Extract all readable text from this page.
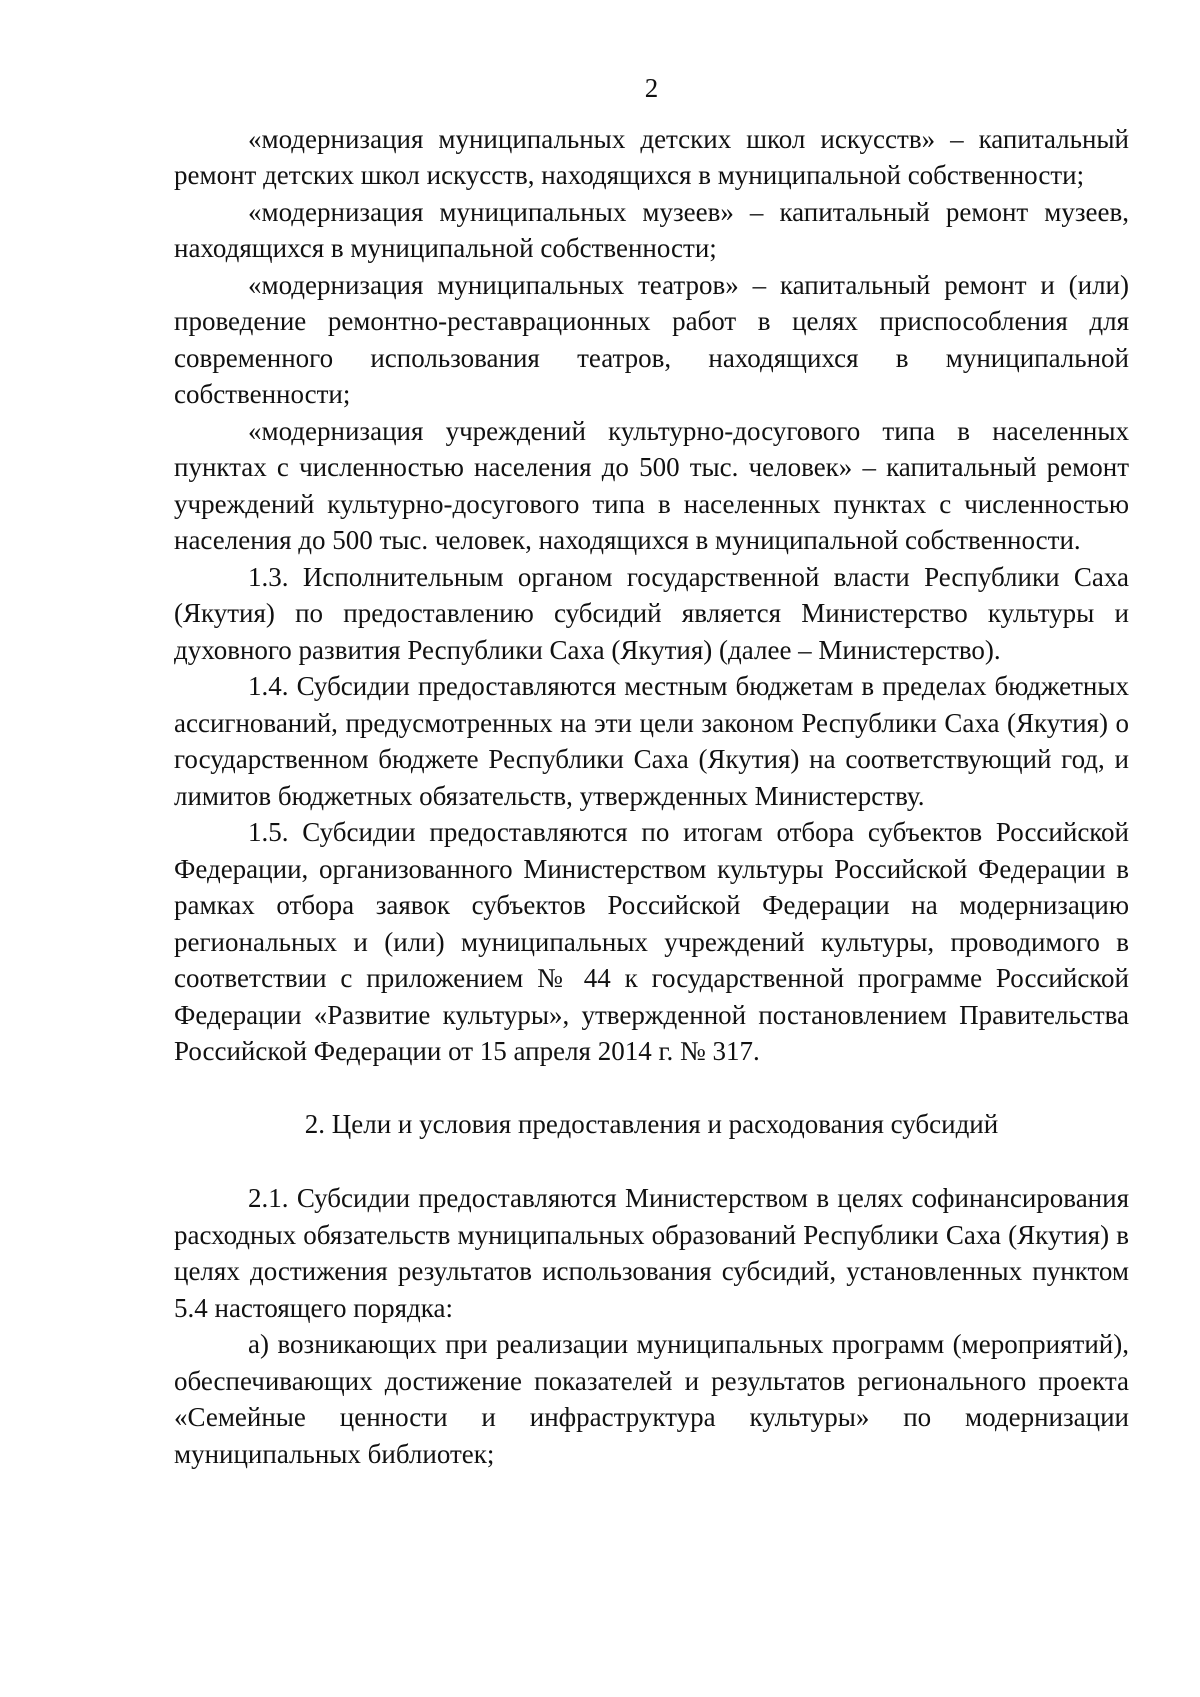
2

«модернизация муниципальных детских школ искусств» – капитальный ремонт детских школ искусств, находящихся в муниципальной собственности;

«модернизация муниципальных музеев» – капитальный ремонт музеев, находящихся в муниципальной собственности;

«модернизация муниципальных театров» – капитальный ремонт и (или) проведение ремонтно-реставрационных работ в целях приспособления для современного использования театров, находящихся в муниципальной собственности;

«модернизация учреждений культурно-досугового типа в населенных пунктах с численностью населения до 500 тыс. человек» – капитальный ремонт учреждений культурно-досугового типа в населенных пунктах с численностью населения до 500 тыс. человек, находящихся в муниципальной собственности.

1.3. Исполнительным органом государственной власти Республики Саха (Якутия) по предоставлению субсидий является Министерство культуры и духовного развития Республики Саха (Якутия) (далее – Министерство).

1.4. Субсидии предоставляются местным бюджетам в пределах бюджетных ассигнований, предусмотренных на эти цели законом Республики Саха (Якутия) о государственном бюджете Республики Саха (Якутия) на соответствующий год, и лимитов бюджетных обязательств, утвержденных Министерству.

1.5. Субсидии предоставляются по итогам отбора субъектов Российской Федерации, организованного Министерством культуры Российской Федерации в рамках отбора заявок субъектов Российской Федерации на модернизацию региональных и (или) муниципальных учреждений культуры, проводимого в соответствии с приложением № 44 к государственной программе Российской Федерации «Развитие культуры», утвержденной постановлением Правительства Российской Федерации от 15 апреля 2014 г. № 317.

2. Цели и условия предоставления и расходования субсидий

2.1. Субсидии предоставляются Министерством в целях софинансирования расходных обязательств муниципальных образований Республики Саха (Якутия) в целях достижения результатов использования субсидий, установленных пунктом 5.4 настоящего порядка:

а) возникающих при реализации муниципальных программ (мероприятий), обеспечивающих достижение показателей и результатов регионального проекта «Семейные ценности и инфраструктура культуры» по модернизации муниципальных библиотек;
